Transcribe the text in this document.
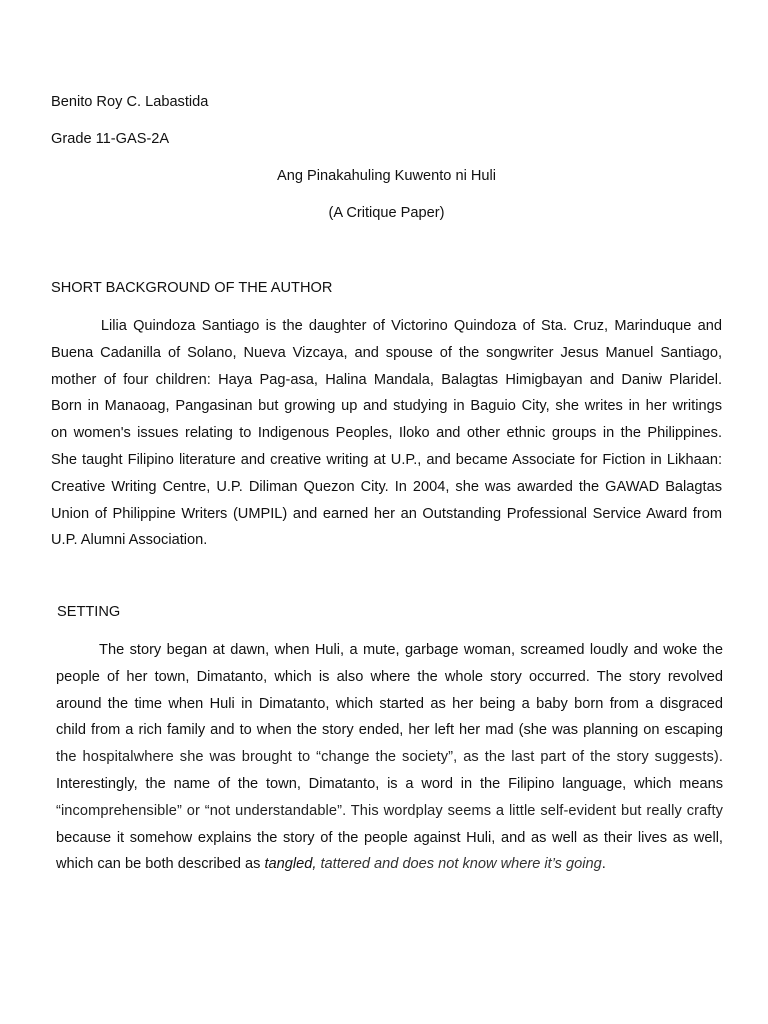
Benito Roy C. Labastida

Grade 11-GAS-2A

Ang Pinakahuling Kuwento ni Huli

(A Critique Paper)

SHORT BACKGROUND OF THE AUTHOR

Lilia Quindoza Santiago is the daughter of Victorino Quindoza of Sta. Cruz, Marinduque and
Buena Cadanilla of Solano, Nueva Vizcaya, and spouse of the songwriter Jesus Manuel Santiago,
mother of four children: Haya Pag-asa, Halina Mandala, Balagtas Himigbayan and Daniw Plaridel.
Born in Manaoag, Pangasinan but growing up and studying in Baguio City, she writes in her writings
on women's issues relating to Indigenous Peoples, Iloko and other ethnic groups in the Philippines.
She taught Filipino literature and creative writing at U.P., and became Associate for Fiction in Likhaan:
Creative Writing Centre, U.P. Diliman Quezon City. In 2004, she was awarded the GAWAD Balagtas
Union of Philippine Writers (UMPIL) and earned her an Outstanding Professional Service Award from
U.P. Alumni Association.

SETTING

The story began at dawn, when Huli, a mute, garbage woman, screamed loudly and woke the
people of her town, Dimatanto, which is also where the whole story occurred. The story revolved
around the time when Huli in Dimatanto, which started as her being a baby born from a disgraced
child from a rich family and to when the story ended, her left her mad (she was planning on escaping
the hospitalwhere she was brought to “change the society”, as the last part of the story suggests).
Interestingly, the name of the town, Dimatanto, is a word in the Filipino language, which means
“incomprehensible” or “not understandable”. This wordplay seems a little self-evident but really crafty
because it somehow explains the story of the people against Huli, and as well as their lives as well,
which can be both described as tangled, tattered and does not know where it’s going.
